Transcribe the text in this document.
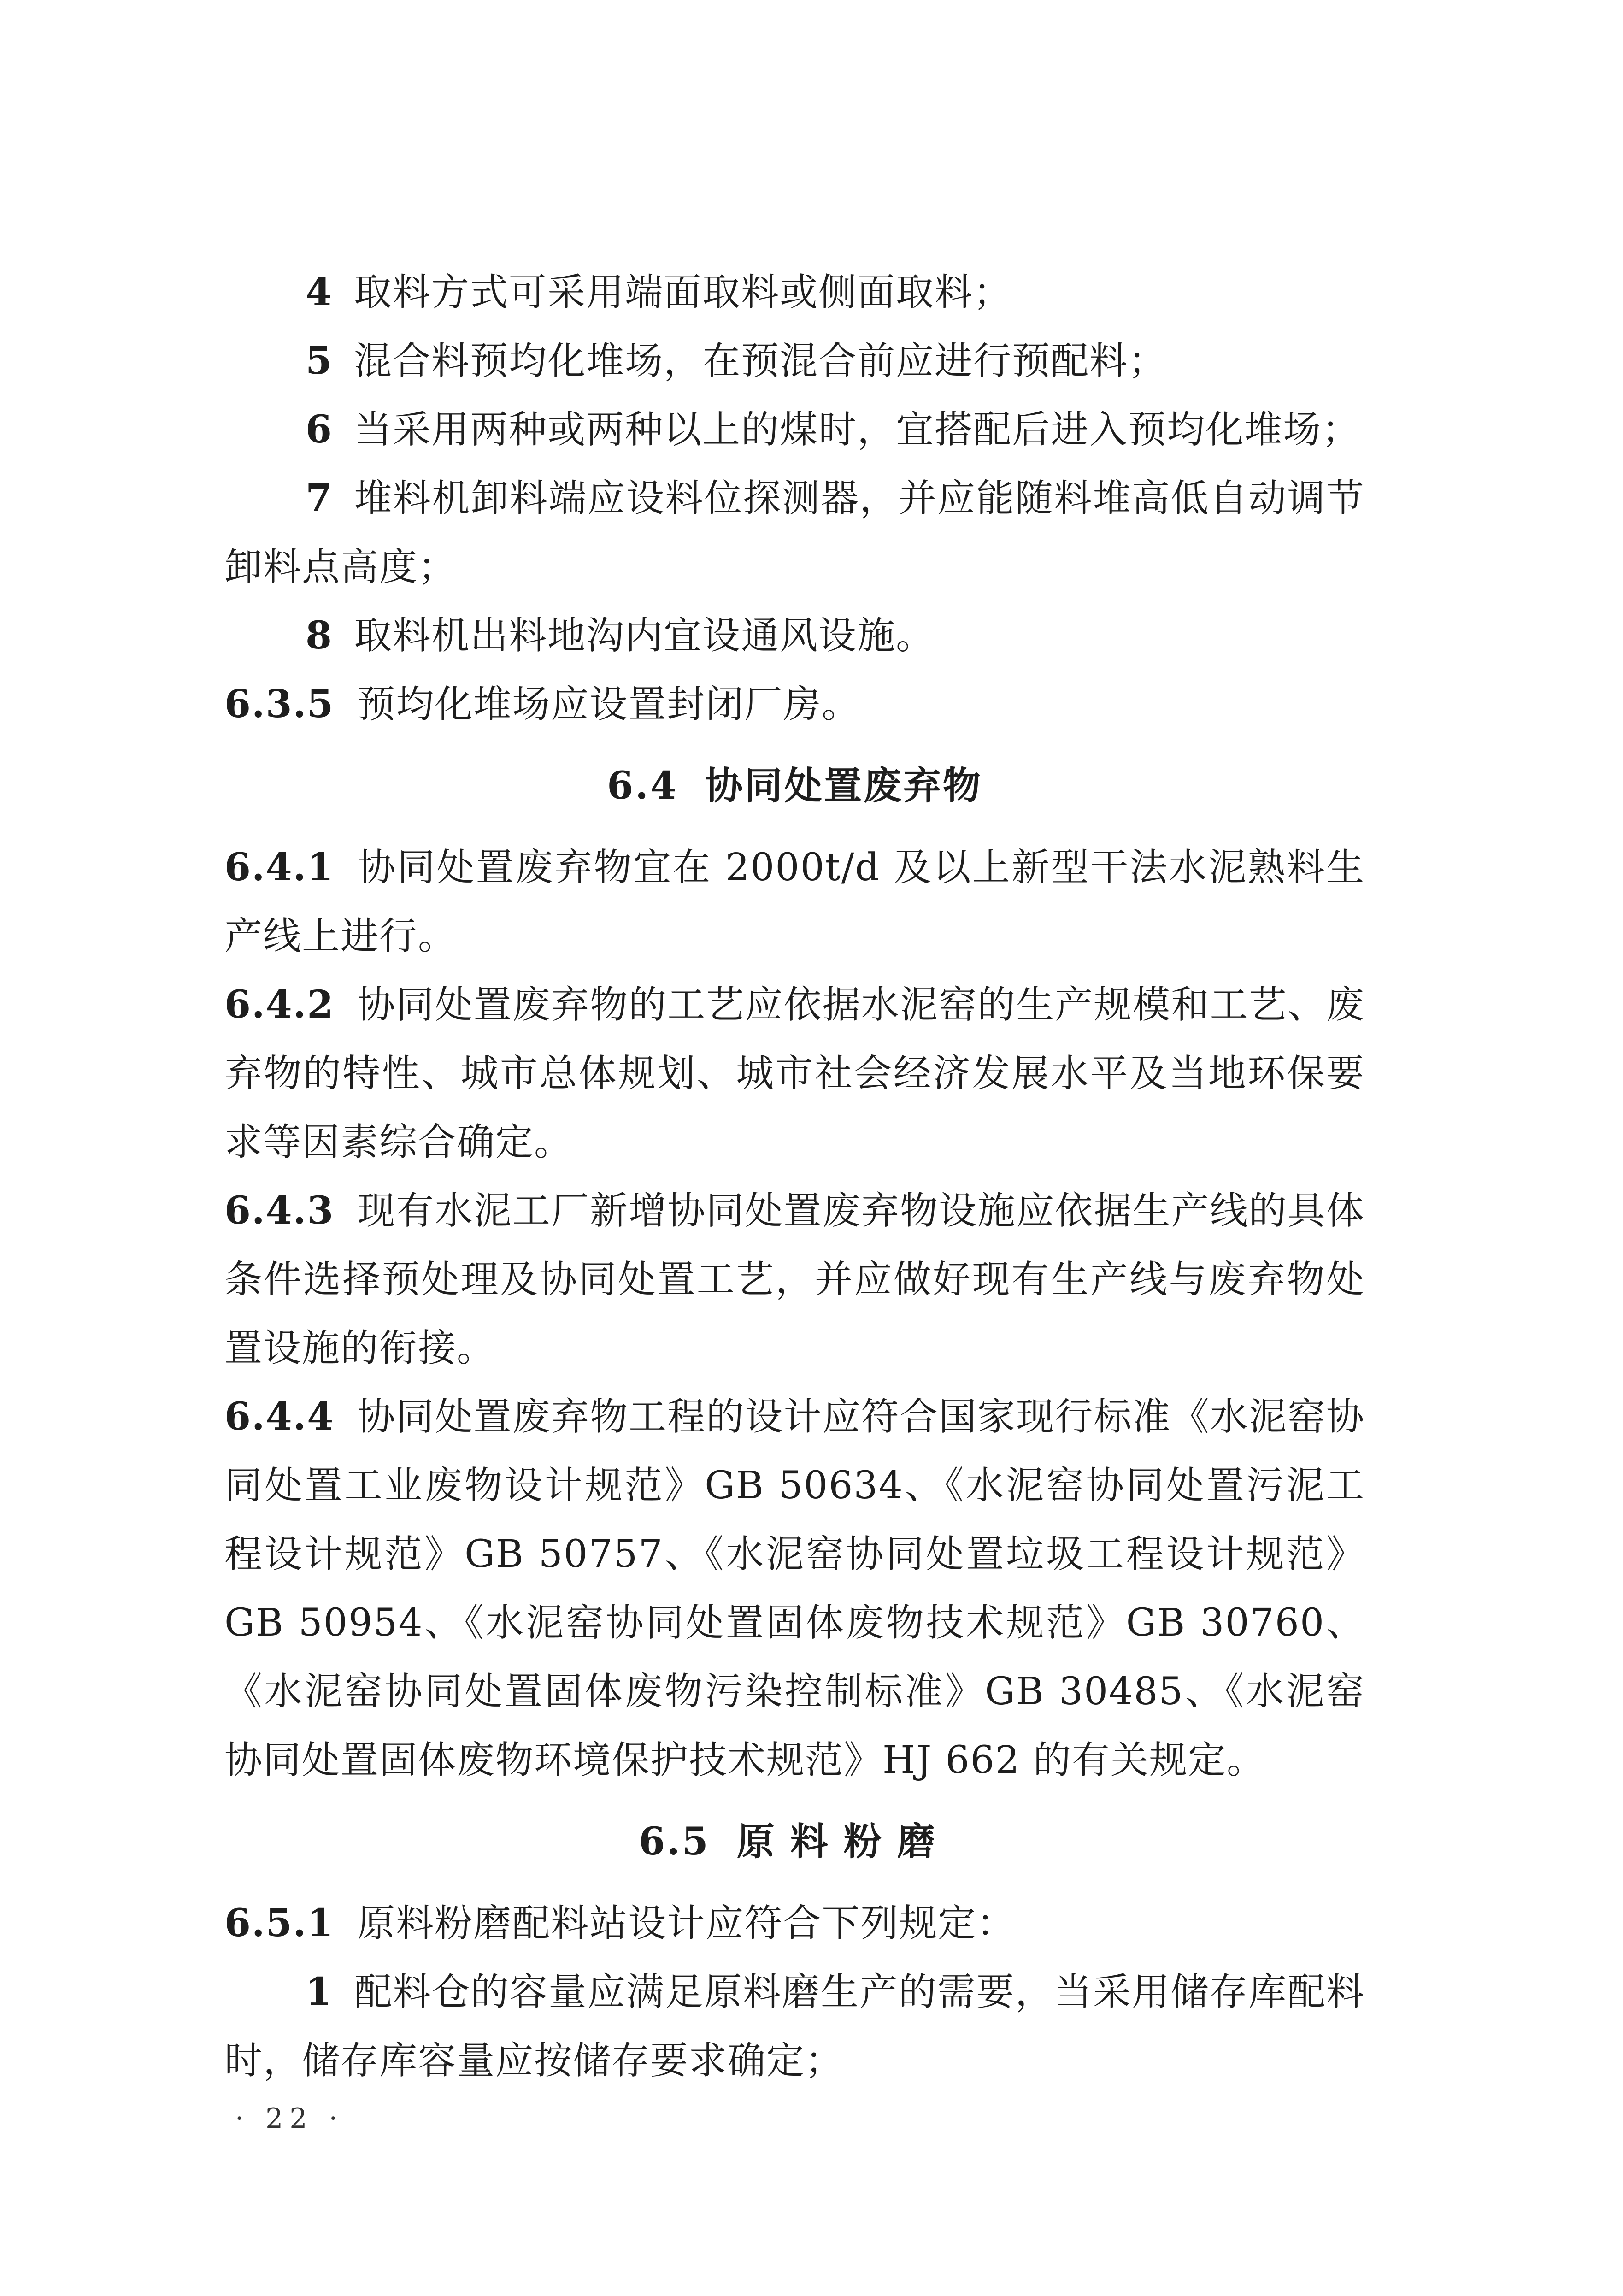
4 取料方式可采用端面取料或侧面取料；

5 混合料预均化堆场，在预混合前应进行预配料；

6 当采用两种或两种以上的煤时，宜搭配后进入预均化堆场；

7 堆料机卸料端应设料位探测器，并应能随料堆高低自动调节卸料点高度；

8 取料机出料地沟内宜设通风设施。

6.3.5 预均化堆场应设置封闭厂房。

6.4 协同处置废弃物

6.4.1 协同处置废弃物宜在 2000t/d 及以上新型干法水泥熟料生产线上进行。

6.4.2 协同处置废弃物的工艺应依据水泥窑的生产规模和工艺、废弃物的特性、城市总体规划、城市社会经济发展水平及当地环保要求等因素综合确定。

6.4.3 现有水泥工厂新增协同处置废弃物设施应依据生产线的具体条件选择预处理及协同处置工艺，并应做好现有生产线与废弃物处置设施的衔接。

6.4.4 协同处置废弃物工程的设计应符合国家现行标准《水泥窑协同处置工业废物设计规范》GB 50634、《水泥窑协同处置污泥工程设计规范》GB 50757、《水泥窑协同处置垃圾工程设计规范》GB 50954、《水泥窑协同处置固体废物技术规范》GB 30760、《水泥窑协同处置固体废物污染控制标准》GB 30485、《水泥窑协同处置固体废物环境保护技术规范》HJ 662 的有关规定。

6.5 原料粉磨

6.5.1 原料粉磨配料站设计应符合下列规定：

1 配料仓的容量应满足原料磨生产的需要，当采用储存库配料时，储存库容量应按储存要求确定；

· 22 ·
